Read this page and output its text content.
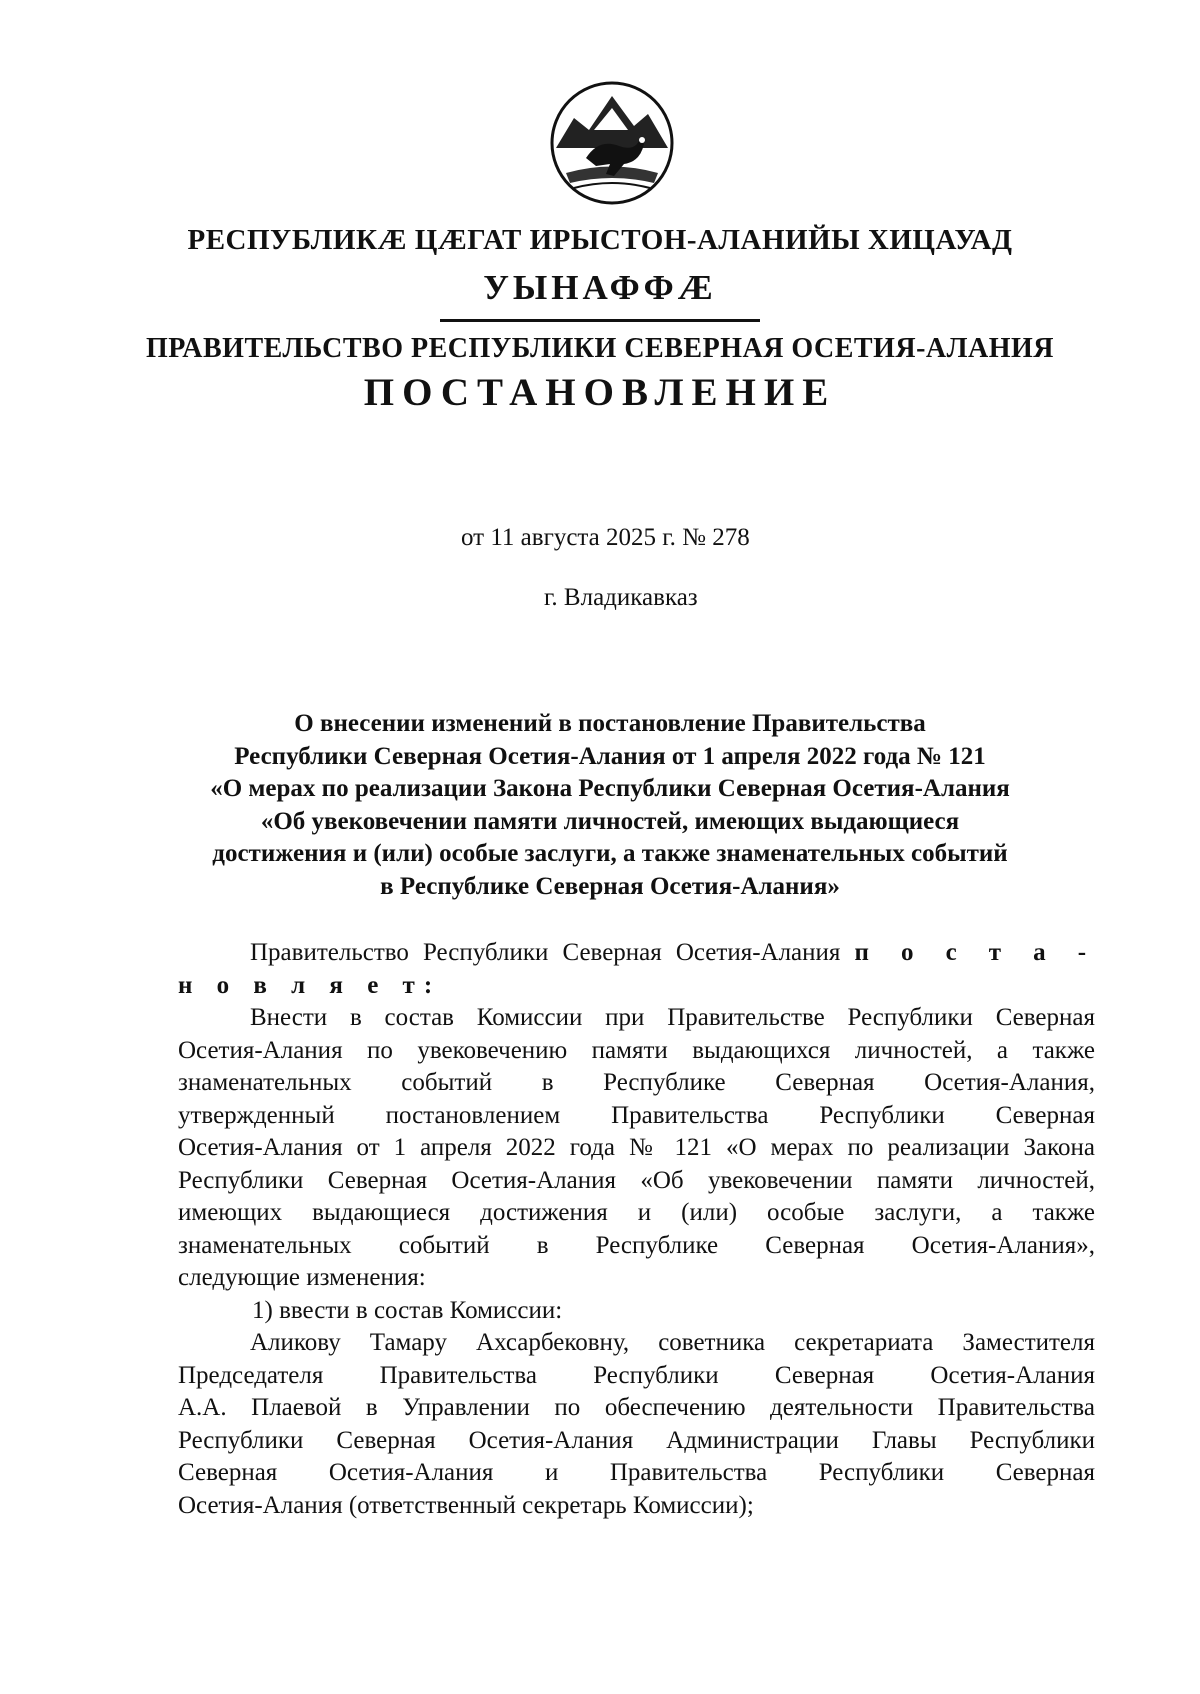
РЕСПУБЛИКӔ ЦӔГАТ ИРЫСТОН-АЛАНИЙЫ ХИЦАУАД
УЫНАФФӔ
ПРАВИТЕЛЬСТВО РЕСПУБЛИКИ СЕВЕРНАЯ ОСЕТИЯ-АЛАНИЯ
ПОСТАНОВЛЕНИЕ
от 11 августа 2025 г. № 278
г. Владикавказ
О внесении изменений в постановление Правительства
Республики Северная Осетия-Алания от 1 апреля 2022 года № 121
«О мерах по реализации Закона Республики Северная Осетия-Алания
«Об увековечении памяти личностей, имеющих выдающиеся
достижения и (или) особые заслуги, а также знаменательных событий
в Республике Северная Осетия-Алания»
Правительство Республики Северная Осетия-Алания п о с т а -
н о в л я е т:
Внести в состав Комиссии при Правительстве Республики Северная
Осетия-Алания по увековечению памяти выдающихся личностей, а также
знаменательных событий в Республике Северная Осетия-Алания,
утвержденный постановлением Правительства Республики Северная
Осетия-Алания от 1 апреля 2022 года № 121 «О мерах по реализации Закона
Республики Северная Осетия-Алания «Об увековечении памяти личностей,
имеющих выдающиеся достижения и (или) особые заслуги, а также
знаменательных событий в Республике Северная Осетия-Алания»,
следующие изменения:
1) ввести в состав Комиссии:
Аликову Тамару Ахсарбековну, советника секретариата Заместителя
Председателя Правительства Республики Северная Осетия-Алания
А.А. Плаевой в Управлении по обеспечению деятельности Правительства
Республики Северная Осетия-Алания Администрации Главы Республики
Северная Осетия-Алания и Правительства Республики Северная
Осетия-Алания (ответственный секретарь Комиссии);
